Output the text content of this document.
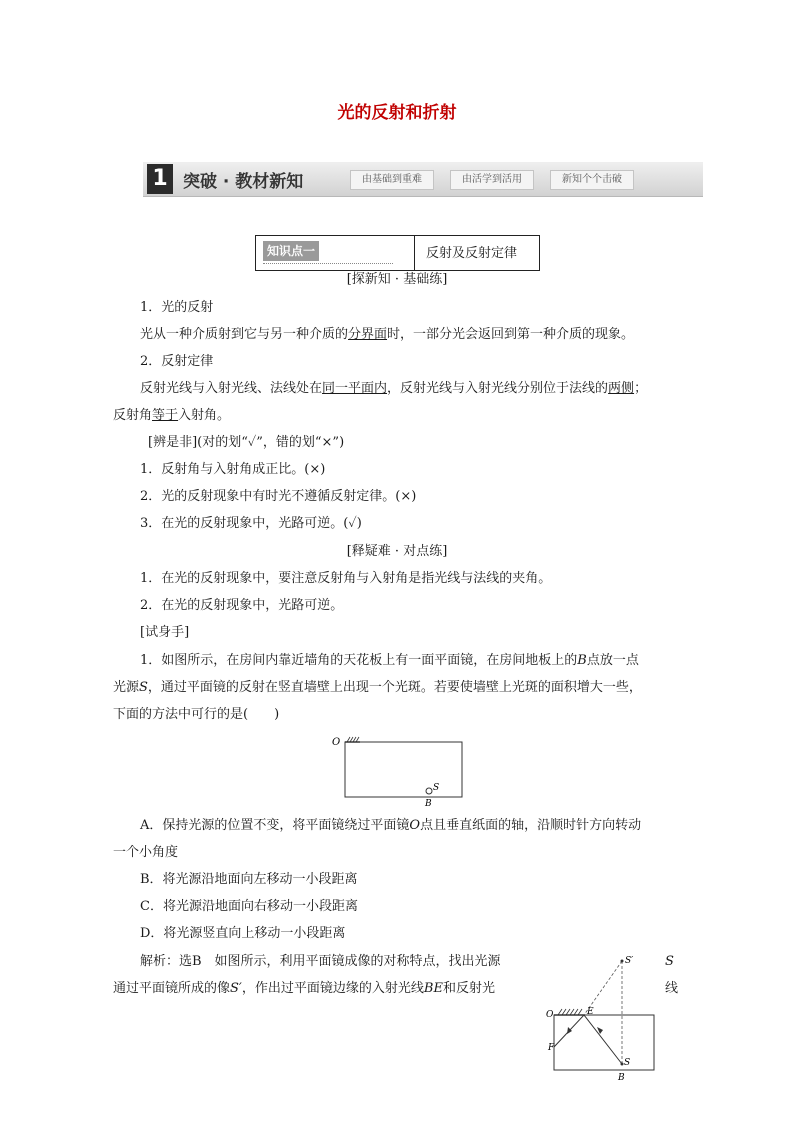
光的反射和折射
1 突破 · 教材新知	由基础到重难	由活学到活用	新知个个击破
知识点一	反射及反射定律
[探新知 · 基础练]
1．光的反射
光从一种介质射到它与另一种介质的分界面时，一部分光会返回到第一种介质的现象。
2．反射定律
反射光线与入射光线、法线处在同一平面内，反射光线与入射光线分别位于法线的两侧；
反射角等于入射角。
[辨是非](对的划“✓”，错的划“×”)
1．反射角与入射角成正比。(×)
2．光的反射现象中有时光不遵循反射定律。(×)
3．在光的反射现象中，光路可逆。(✓)
[释疑难 · 对点练]
1．在光的反射现象中，要注意反射角与入射角是指光线与法线的夹角。
2．在光的反射现象中，光路可逆。
[试身手]
1．如图所示，在房间内靠近墙角的天花板上有一面平面镜，在房间地板上的B点放一点
光源S，通过平面镜的反射在竖直墙壁上出现一个光斑。若要使墙壁上光斑的面积增大一些，
下面的方法中可行的是(　　)
O
S
B
A．保持光源的位置不变，将平面镜绕过平面镜O点且垂直纸面的轴，沿顺时针方向转动
一个小角度
B．将光源沿地面向左移动一小段距离
C．将光源沿地面向右移动一小段距离
D．将光源竖直向上移动一小段距离
解析：选B　如图所示，利用平面镜成像的对称特点，找出光源	S
通过平面镜所成的像S′，作出过平面镜边缘的入射光线BE和反射光	线
S′
O	E
F
S
B
